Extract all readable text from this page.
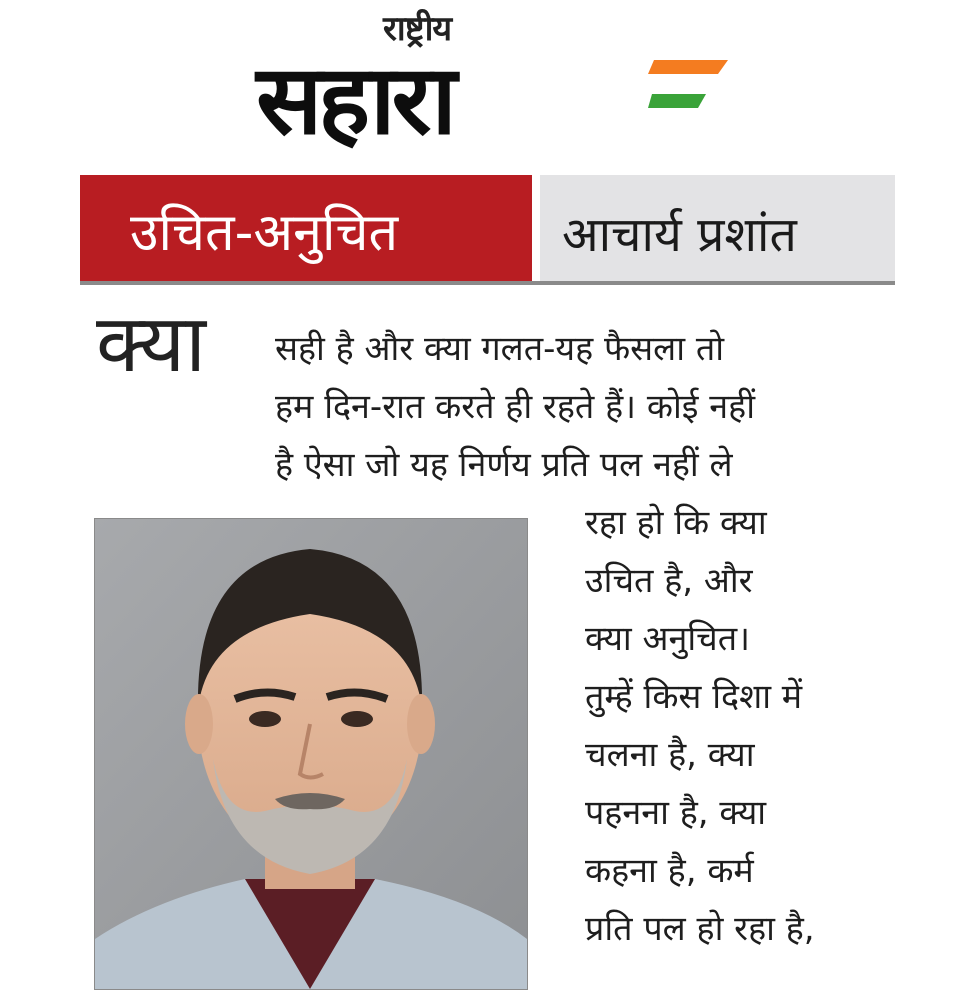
राष्ट्रीय
सहारा
उचित-अनुचित	आचार्य प्रशांत
क्या सही है और क्या गलत-यह फैसला तो
हम दिन-रात करते ही रहते हैं। कोई नहीं
है ऐसा जो यह निर्णय प्रति पल नहीं ले
रहा हो कि क्या
उचित है, और
क्या अनुचित।
तुम्हें किस दिशा में
चलना है, क्या
पहनना है, क्या
कहना है, कर्म
प्रति पल हो रहा है,
